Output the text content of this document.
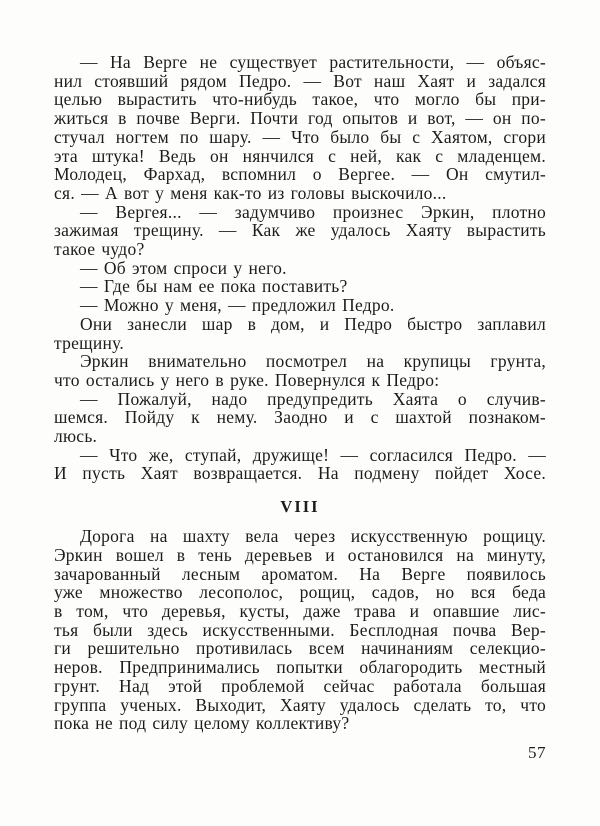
— На Верге не существует растительности, — объяс-
нил стоявший рядом Педро. — Вот наш Хаят и задался
целью вырастить что-нибудь такое, что могло бы при-
житься в почве Верги. Почти год опытов и вот, — он по-
стучал ногтем по шару. — Что было бы с Хаятом, сгори
эта штука! Ведь он нянчился с ней, как с младенцем.
Молодец, Фархад, вспомнил о Вергее. — Он смутил-
ся. — А вот у меня как-то из головы выскочило...
— Вергея... — задумчиво произнес Эркин, плотно
зажимая трещину. — Как же удалось Хаяту вырастить
такое чудо?
— Об этом спроси у него.
— Где бы нам ее пока поставить?
— Можно у меня, — предложил Педро.
Они занесли шар в дом, и Педро быстро заплавил
трещину.
Эркин внимательно посмотрел на крупицы грунта,
что остались у него в руке. Повернулся к Педро:
— Пожалуй, надо предупредить Хаята о случив-
шемся. Пойду к нему. Заодно и с шахтой познаком-
люсь.
— Что же, ступай, дружище! — согласился Педро. —
И пусть Хаят возвращается. На подмену пойдет Хосе.
VIII
Дорога на шахту вела через искусственную рощицу.
Эркин вошел в тень деревьев и остановился на минуту,
зачарованный лесным ароматом. На Верге появилось
уже множество лесополос, рощиц, садов, но вся беда
в том, что деревья, кусты, даже трава и опавшие лис-
тья были здесь искусственными. Бесплодная почва Вер-
ги решительно противилась всем начинаниям селекцио-
неров. Предпринимались попытки облагородить местный
грунт. Над этой проблемой сейчас работала большая
группа ученых. Выходит, Хаяту удалось сделать то, что
пока не под силу целому коллективу?
57
